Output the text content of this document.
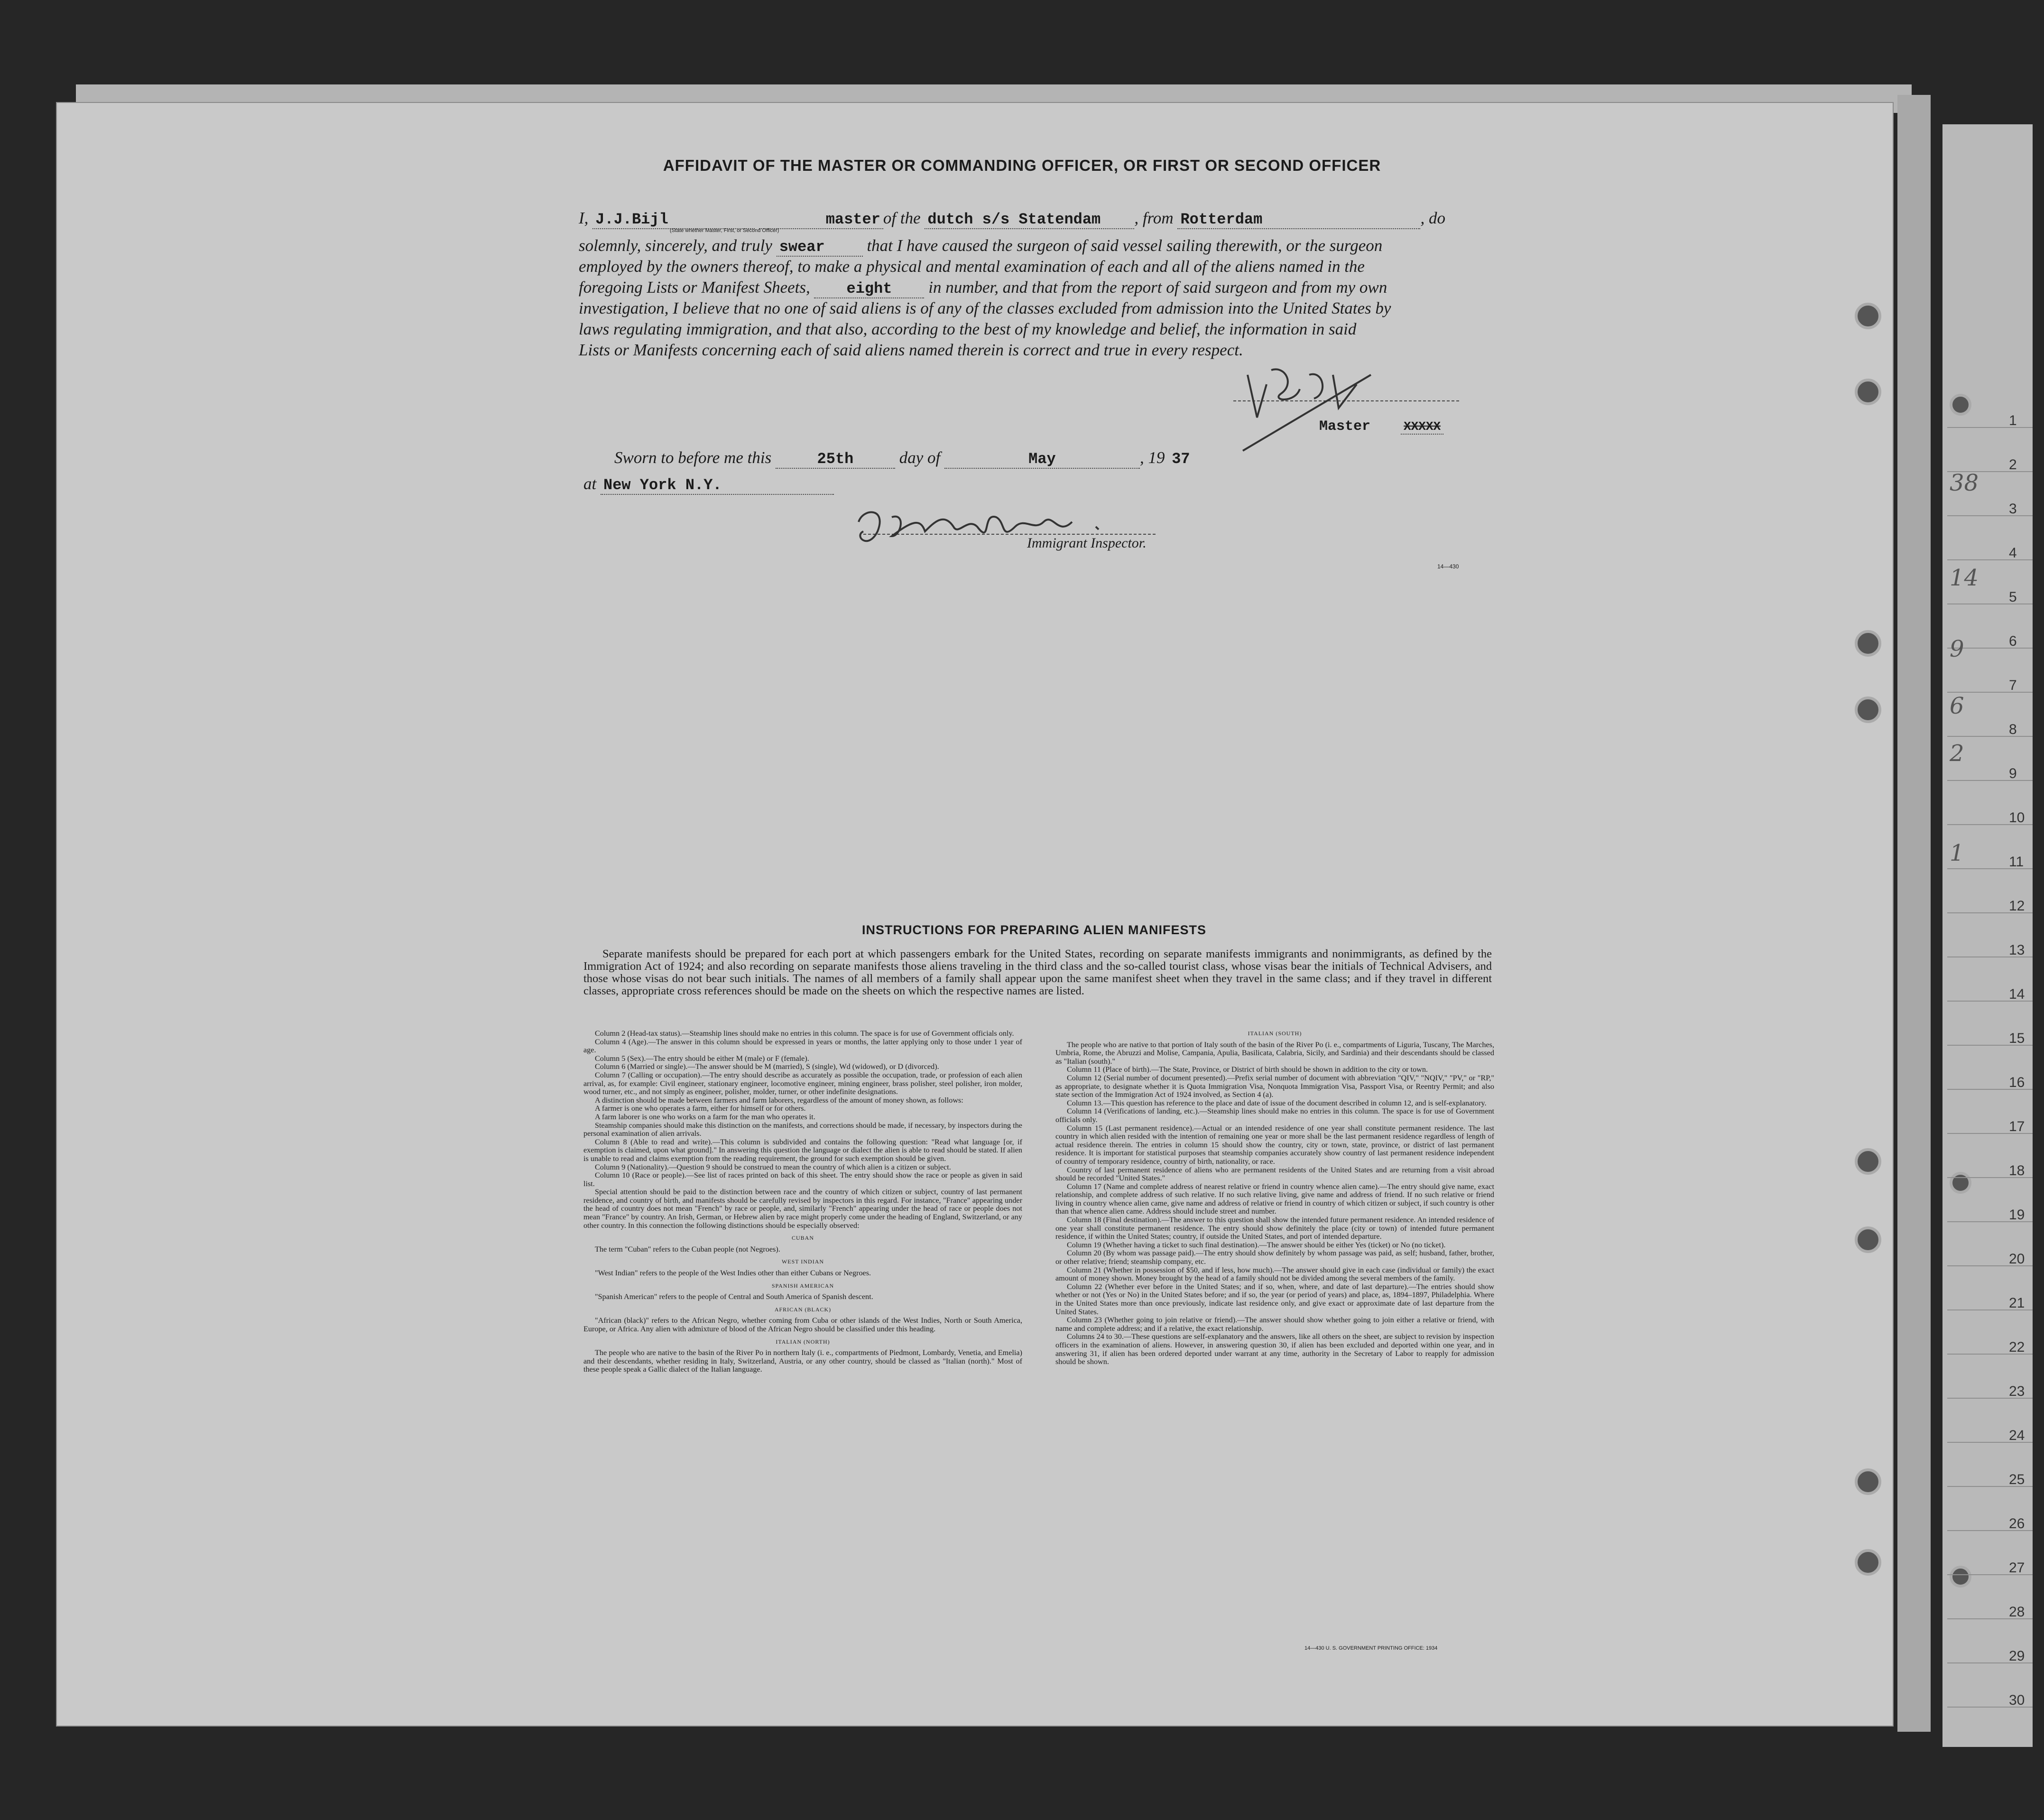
1
2
3
4
5
6
7
8
9
10
11
12
13
14
15
16
17
18
19
20
21
22
23
24
25
26
27
28
29
30
38
14
9
6
2
1
AFFIDAVIT OF THE MASTER OR COMMANDING OFFICER, OR FIRST OR SECOND OFFICER
I, J.J.Bijl	master of the dutch s/s Statendam , from Rotterdam	, do
(State whether Master, First, or Second Officer)
solemnly, sincerely, and truly swear	that I have caused the surgeon of said vessel sailing therewith, or the surgeon
employed by the owners thereof, to make a physical and mental examination of each and all of the aliens named in the
foregoing Lists or Manifest Sheets, eight in number, and that from the report of said surgeon and from my own
investigation, I believe that no one of said aliens is of any of the classes excluded from admission into the United States by
laws regulating immigration, and that also, according to the best of my knowledge and belief, the information in said
Lists or Manifests concerning each of said aliens named therein is correct and true in every respect.
Master	XXXXX
Sworn to before me this	25th	day of	May	, 19 37
at New York N.Y.
Immigrant Inspector.
14—430
INSTRUCTIONS FOR PREPARING ALIEN MANIFESTS
Separate manifests should be prepared for each port at which passengers embark for the United States, recording on separate manifests immigrants and nonimmigrants, as defined by the Immigration Act of 1924; and also recording on separate manifests those aliens traveling in the third class and the so-called tourist class, whose visas bear the initials of Technical Advisers, and those whose visas do not bear such initials. The names of all members of a family shall appear upon the same manifest sheet when they travel in the same class; and if they travel in different classes, appropriate cross references should be made on the sheets on which the respective names are listed.

Column 2 (Head-tax status).—Steamship lines should make no entries in this column. The space is for use of Government officials only.

Column 4 (Age).—The answer in this column should be expressed in years or months, the latter applying only to those under 1 year of age.

Column 5 (Sex).—The entry should be either M (male) or F (female).

Column 6 (Married or single).—The answer should be M (married), S (single), Wd (widowed), or D (divorced).

Column 7 (Calling or occupation).—The entry should describe as accurately as possible the occupation, trade, or profession of each alien arrival, as, for example: Civil engineer, stationary engineer, locomotive engineer, mining engineer, brass polisher, steel polisher, iron molder, wood turner, etc., and not simply as engineer, polisher, molder, turner, or other indefinite designations.

A distinction should be made between farmers and farm laborers, regardless of the amount of money shown, as follows:

A farmer is one who operates a farm, either for himself or for others.

A farm laborer is one who works on a farm for the man who operates it.

Steamship companies should make this distinction on the manifests, and corrections should be made, if necessary, by inspectors during the personal examination of alien arrivals.

Column 8 (Able to read and write).—This column is subdivided and contains the following question: "Read what language [or, if exemption is claimed, upon what ground]." In answering this question the language or dialect the alien is able to read should be stated. If alien is unable to read and claims exemption from the reading requirement, the ground for such exemption should be given.

Column 9 (Nationality).—Question 9 should be construed to mean the country of which alien is a citizen or subject.

Column 10 (Race or people).—See list of races printed on back of this sheet. The entry should show the race or people as given in said list.

Special attention should be paid to the distinction between race and the country of which citizen or subject, country of last permanent residence, and country of birth, and manifests should be carefully revised by inspectors in this regard. For instance, "France" appearing under the head of country does not mean "French" by race or people, and, similarly "French" appearing under the head of race or people does not mean "France" by country. An Irish, German, or Hebrew alien by race might properly come under the heading of England, Switzerland, or any other country. In this connection the following distinctions should be especially observed:

CUBAN

The term "Cuban" refers to the Cuban people (not Negroes).

WEST INDIAN

"West Indian" refers to the people of the West Indies other than either Cubans or Negroes.

SPANISH AMERICAN

"Spanish American" refers to the people of Central and South America of Spanish descent.

AFRICAN (BLACK)

"African (black)" refers to the African Negro, whether coming from Cuba or other islands of the West Indies, North or South America, Europe, or Africa. Any alien with admixture of blood of the African Negro should be classified under this heading.

ITALIAN (NORTH)

The people who are native to the basin of the River Po in northern Italy (i. e., compartments of Piedmont, Lombardy, Venetia, and Emelia) and their descendants, whether residing in Italy, Switzerland, Austria, or any other country, should be classed as "Italian (north)." Most of these people speak a Gallic dialect of the Italian language.

ITALIAN (SOUTH)

The people who are native to that portion of Italy south of the basin of the River Po (i. e., compartments of Liguria, Tuscany, The Marches, Umbria, Rome, the Abruzzi and Molise, Campania, Apulia, Basilicata, Calabria, Sicily, and Sardinia) and their descendants should be classed as "Italian (south)."

Column 11 (Place of birth).—The State, Province, or District of birth should be shown in addition to the city or town.

Column 12 (Serial number of document presented).—Prefix serial number of document with abbreviation "QIV," "NQIV," "PV," or "RP," as appropriate, to designate whether it is Quota Immigration Visa, Nonquota Immigration Visa, Passport Visa, or Reentry Permit; and also state section of the Immigration Act of 1924 involved, as Section 4 (a).

Column 13.—This question has reference to the place and date of issue of the document described in column 12, and is self-explanatory.

Column 14 (Verifications of landing, etc.).—Steamship lines should make no entries in this column. The space is for use of Government officials only.

Column 15 (Last permanent residence).—Actual or an intended residence of one year shall constitute permanent residence. The last country in which alien resided with the intention of remaining one year or more shall be the last permanent residence regardless of length of actual residence therein. The entries in column 15 should show the country, city or town, state, province, or district of last permanent residence. It is important for statistical purposes that steamship companies accurately show country of last permanent residence independent of country of temporary residence, country of birth, nationality, or race.

Country of last permanent residence of aliens who are permanent residents of the United States and are returning from a visit abroad should be recorded "United States."

Column 17 (Name and complete address of nearest relative or friend in country whence alien came).—The entry should give name, exact relationship, and complete address of such relative. If no such relative living, give name and address of friend. If no such relative or friend living in country whence alien came, give name and address of relative or friend in country of which citizen or subject, if such country is other than that whence alien came. Address should include street and number.

Column 18 (Final destination).—The answer to this question shall show the intended future permanent residence. An intended residence of one year shall constitute permanent residence. The entry should show definitely the place (city or town) of intended future permanent residence, if within the United States; country, if outside the United States, and port of intended departure.

Column 19 (Whether having a ticket to such final destination).—The answer should be either Yes (ticket) or No (no ticket).

Column 20 (By whom was passage paid).—The entry should show definitely by whom passage was paid, as self; husband, father, brother, or other relative; friend; steamship company, etc.

Column 21 (Whether in possession of $50, and if less, how much).—The answer should give in each case (individual or family) the exact amount of money shown. Money brought by the head of a family should not be divided among the several members of the family.

Column 22 (Whether ever before in the United States; and if so, when, where, and date of last departure).—The entries should show whether or not (Yes or No) in the United States before; and if so, the year (or period of years) and place, as, 1894–1897, Philadelphia. Where in the United States more than once previously, indicate last residence only, and give exact or approximate date of last departure from the United States.

Column 23 (Whether going to join relative or friend).—The answer should show whether going to join either a relative or friend, with name and complete address; and if a relative, the exact relationship.

Columns 24 to 30.—These questions are self-explanatory and the answers, like all others on the sheet, are subject to revision by inspection officers in the examination of aliens. However, in answering question 30, if alien has been excluded and deported within one year, and in answering 31, if alien has been ordered deported under warrant at any time, authority in the Secretary of Labor to reapply for admission should be shown.

14—430 U. S. GOVERNMENT PRINTING OFFICE: 1934
